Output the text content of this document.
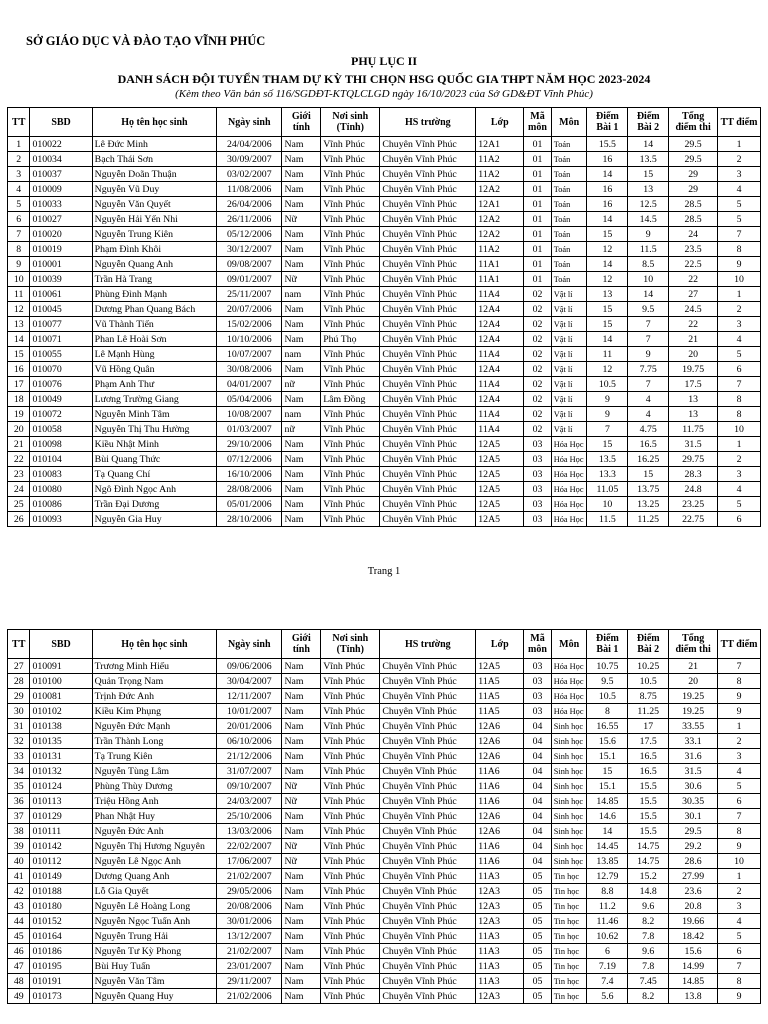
SỞ GIÁO DỤC VÀ ĐÀO TẠO VĨNH PHÚC
PHỤ LỤC II
DANH SÁCH ĐỘI TUYỂN THAM DỰ KỲ THI CHỌN HSG QUỐC GIA THPT NĂM HỌC 2023-2024
(Kèm theo Văn bản số 116/SGDĐT-KTQLCLGD ngày 16/10/2023 của Sở GD&ĐT Vĩnh Phúc)
TT	SBD	Họ tên học sinh	Ngày sinh	Giới tính	Nơi sinh (Tỉnh)	HS trường	Lớp	Mã môn	Môn	Điểm Bài 1	Điểm Bài 2	Tổng điểm thi	TT điểm
1	010022	Lê Đức Minh	24/04/2006	Nam	Vĩnh Phúc	Chuyên Vĩnh Phúc	12A1	01	Toán	15.5	14	29.5	1
2	010034	Bạch Thái Sơn	30/09/2007	Nam	Vĩnh Phúc	Chuyên Vĩnh Phúc	11A2	01	Toán	16	13.5	29.5	2
3	010037	Nguyễn Doãn Thuận	03/02/2007	Nam	Vĩnh Phúc	Chuyên Vĩnh Phúc	11A2	01	Toán	14	15	29	3
4	010009	Nguyễn Vũ Duy	11/08/2006	Nam	Vĩnh Phúc	Chuyên Vĩnh Phúc	12A2	01	Toán	16	13	29	4
5	010033	Nguyễn Văn Quyết	26/04/2006	Nam	Vĩnh Phúc	Chuyên Vĩnh Phúc	12A1	01	Toán	16	12.5	28.5	5
6	010027	Nguyễn Hải Yến Nhi	26/11/2006	Nữ	Vĩnh Phúc	Chuyên Vĩnh Phúc	12A2	01	Toán	14	14.5	28.5	5
7	010020	Nguyễn Trung Kiên	05/12/2006	Nam	Vĩnh Phúc	Chuyên Vĩnh Phúc	12A2	01	Toán	15	9	24	7
8	010019	Phạm Đình Khôi	30/12/2007	Nam	Vĩnh Phúc	Chuyên Vĩnh Phúc	11A2	01	Toán	12	11.5	23.5	8
9	010001	Nguyễn Quang Anh	09/08/2007	Nam	Vĩnh Phúc	Chuyên Vĩnh Phúc	11A1	01	Toán	14	8.5	22.5	9
10	010039	Trần Hà Trang	09/01/2007	Nữ	Vĩnh Phúc	Chuyên Vĩnh Phúc	11A1	01	Toán	12	10	22	10
11	010061	Phùng Đình Mạnh	25/11/2007	nam	Vĩnh Phúc	Chuyên Vĩnh Phúc	11A4	02	Vật lí	13	14	27	1
12	010045	Dương Phan Quang Bách	20/07/2006	Nam	Vĩnh Phúc	Chuyên Vĩnh Phúc	12A4	02	Vật lí	15	9.5	24.5	2
13	010077	Vũ Thành Tiến	15/02/2006	Nam	Vĩnh Phúc	Chuyên Vĩnh Phúc	12A4	02	Vật lí	15	7	22	3
14	010071	Phan Lê Hoài Sơn	10/10/2006	Nam	Phú Thọ	Chuyên Vĩnh Phúc	12A4	02	Vật lí	14	7	21	4
15	010055	Lê Mạnh Hùng	10/07/2007	nam	Vĩnh Phúc	Chuyên Vĩnh Phúc	11A4	02	Vật lí	11	9	20	5
16	010070	Vũ Hồng Quân	30/08/2006	Nam	Vĩnh Phúc	Chuyên Vĩnh Phúc	12A4	02	Vật lí	12	7.75	19.75	6
17	010076	Phạm Anh Thư	04/01/2007	nữ	Vĩnh Phúc	Chuyên Vĩnh Phúc	11A4	02	Vật lí	10.5	7	17.5	7
18	010049	Lương Trường Giang	05/04/2006	Nam	Lâm Đồng	Chuyên Vĩnh Phúc	12A4	02	Vật lí	9	4	13	8
19	010072	Nguyễn Minh Tâm	10/08/2007	nam	Vĩnh Phúc	Chuyên Vĩnh Phúc	11A4	02	Vật lí	9	4	13	8
20	010058	Nguyễn Thị Thu Hường	01/03/2007	nữ	Vĩnh Phúc	Chuyên Vĩnh Phúc	11A4	02	Vật lí	7	4.75	11.75	10
21	010098	Kiều Nhật Minh	29/10/2006	Nam	Vĩnh Phúc	Chuyên Vĩnh Phúc	12A5	03	Hóa Học	15	16.5	31.5	1
22	010104	Bùi Quang Thức	07/12/2006	Nam	Vĩnh Phúc	Chuyên Vĩnh Phúc	12A5	03	Hóa Học	13.5	16.25	29.75	2
23	010083	Tạ Quang Chí	16/10/2006	Nam	Vĩnh Phúc	Chuyên Vĩnh Phúc	12A5	03	Hóa Học	13.3	15	28.3	3
24	010080	Ngô Đình Ngọc Anh	28/08/2006	Nam	Vĩnh Phúc	Chuyên Vĩnh Phúc	12A5	03	Hóa Học	11.05	13.75	24.8	4
25	010086	Trần Đại Dương	05/01/2006	Nam	Vĩnh Phúc	Chuyên Vĩnh Phúc	12A5	03	Hóa Học	10	13.25	23.25	5
26	010093	Nguyễn Gia Huy	28/10/2006	Nam	Vĩnh Phúc	Chuyên Vĩnh Phúc	12A5	03	Hóa Học	11.5	11.25	22.75	6
Trang 1
TT	SBD	Họ tên học sinh	Ngày sinh	Giới tính	Nơi sinh (Tỉnh)	HS trường	Lớp	Mã môn	Môn	Điểm Bài 1	Điểm Bài 2	Tổng điểm thi	TT điểm
27	010091	Trương Minh Hiếu	09/06/2006	Nam	Vĩnh Phúc	Chuyên Vĩnh Phúc	12A5	03	Hóa Học	10.75	10.25	21	7
28	010100	Quản Trọng Nam	30/04/2007	Nam	Vĩnh Phúc	Chuyên Vĩnh Phúc	11A5	03	Hóa Học	9.5	10.5	20	8
29	010081	Trịnh Đức Anh	12/11/2007	Nam	Vĩnh Phúc	Chuyên Vĩnh Phúc	11A5	03	Hóa Học	10.5	8.75	19.25	9
30	010102	Kiều Kim Phụng	10/01/2007	Nam	Vĩnh Phúc	Chuyên Vĩnh Phúc	11A5	03	Hóa Học	8	11.25	19.25	9
31	010138	Nguyễn Đức Mạnh	20/01/2006	Nam	Vĩnh Phúc	Chuyên Vĩnh Phúc	12A6	04	Sinh học	16.55	17	33.55	1
32	010135	Trần Thành Long	06/10/2006	Nam	Vĩnh Phúc	Chuyên Vĩnh Phúc	12A6	04	Sinh học	15.6	17.5	33.1	2
33	010131	Tạ Trung Kiên	21/12/2006	Nam	Vĩnh Phúc	Chuyên Vĩnh Phúc	12A6	04	Sinh học	15.1	16.5	31.6	3
34	010132	Nguyễn Tùng Lâm	31/07/2007	Nam	Vĩnh Phúc	Chuyên Vĩnh Phúc	11A6	04	Sinh học	15	16.5	31.5	4
35	010124	Phùng Thùy Dương	09/10/2007	Nữ	Vĩnh Phúc	Chuyên Vĩnh Phúc	11A6	04	Sinh học	15.1	15.5	30.6	5
36	010113	Triệu Hồng Anh	24/03/2007	Nữ	Vĩnh Phúc	Chuyên Vĩnh Phúc	11A6	04	Sinh học	14.85	15.5	30.35	6
37	010129	Phan Nhật Huy	25/10/2006	Nam	Vĩnh Phúc	Chuyên Vĩnh Phúc	12A6	04	Sinh học	14.6	15.5	30.1	7
38	010111	Nguyễn Đức Anh	13/03/2006	Nam	Vĩnh Phúc	Chuyên Vĩnh Phúc	12A6	04	Sinh học	14	15.5	29.5	8
39	010142	Nguyễn Thị Hương Nguyên	22/02/2007	Nữ	Vĩnh Phúc	Chuyên Vĩnh Phúc	11A6	04	Sinh học	14.45	14.75	29.2	9
40	010112	Nguyễn Lê Ngọc Anh	17/06/2007	Nữ	Vĩnh Phúc	Chuyên Vĩnh Phúc	11A6	04	Sinh học	13.85	14.75	28.6	10
41	010149	Dương Quang Anh	21/02/2007	Nam	Vĩnh Phúc	Chuyên Vĩnh Phúc	11A3	05	Tin học	12.79	15.2	27.99	1
42	010188	Lỗ Gia Quyết	29/05/2006	Nam	Vĩnh Phúc	Chuyên Vĩnh Phúc	12A3	05	Tin học	8.8	14.8	23.6	2
43	010180	Nguyễn Lê Hoàng Long	20/08/2006	Nam	Vĩnh Phúc	Chuyên Vĩnh Phúc	12A3	05	Tin học	11.2	9.6	20.8	3
44	010152	Nguyễn Ngọc Tuấn Anh	30/01/2006	Nam	Vĩnh Phúc	Chuyên Vĩnh Phúc	12A3	05	Tin học	11.46	8.2	19.66	4
45	010164	Nguyễn Trung Hải	13/12/2007	Nam	Vĩnh Phúc	Chuyên Vĩnh Phúc	11A3	05	Tin học	10.62	7.8	18.42	5
46	010186	Nguyễn Tư Kỳ Phong	21/02/2007	Nam	Vĩnh Phúc	Chuyên Vĩnh Phúc	11A3	05	Tin học	6	9.6	15.6	6
47	010195	Bùi Huy Tuấn	23/01/2007	Nam	Vĩnh Phúc	Chuyên Vĩnh Phúc	11A3	05	Tin học	7.19	7.8	14.99	7
48	010191	Nguyễn Văn Tâm	29/11/2007	Nam	Vĩnh Phúc	Chuyên Vĩnh Phúc	11A3	05	Tin học	7.4	7.45	14.85	8
49	010173	Nguyễn Quang Huy	21/02/2006	Nam	Vĩnh Phúc	Chuyên Vĩnh Phúc	12A3	05	Tin học	5.6	8.2	13.8	9
